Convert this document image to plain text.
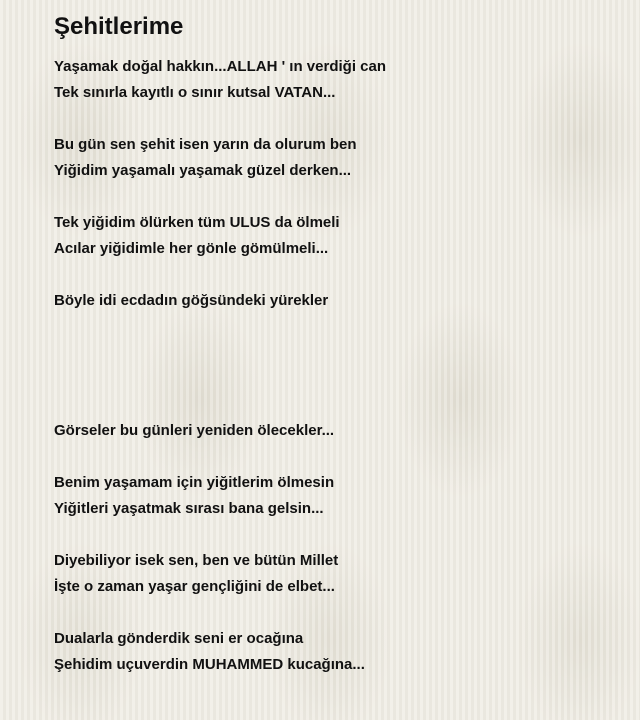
Şehitlerime
Yaşamak doğal hakkın...ALLAH ' ın verdiği can
Tek sınırla kayıtlı o sınır kutsal VATAN...
Bu gün sen şehit isen yarın da olurum ben
Yiğidim yaşamalı yaşamak güzel derken...
Tek yiğidim ölürken tüm ULUS da ölmeli
Acılar yiğidimle her gönle gömülmeli...
Böyle idi ecdadın göğsündeki yürekler
Görseler bu günleri yeniden ölecekler...
Benim yaşamam için yiğitlerim ölmesin
Yiğitleri yaşatmak sırası bana gelsin...
Diyebiliyor isek sen, ben ve bütün Millet
İşte o zaman yaşar gençliğini de elbet...
Dualarla gönderdik seni er ocağına
Şehidim uçuverdin MUHAMMED kucağına...
